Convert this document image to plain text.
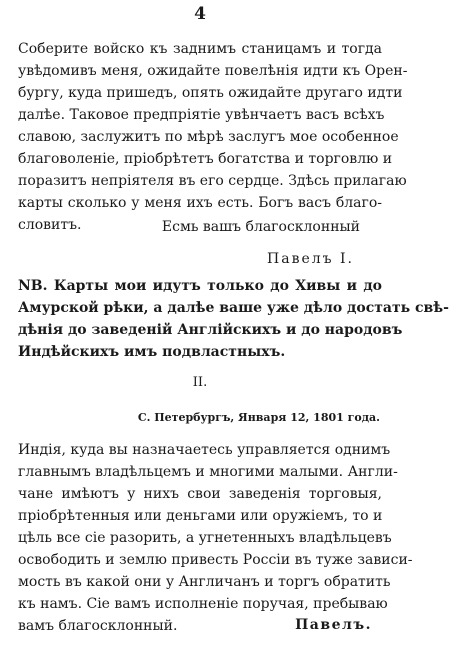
4
Соберите войско къ заднимъ станицамъ и тогда
увѣдомивъ меня, ожидайте повелѣнія идти къ Орен-
бургу, куда пришедъ, опять ожидайте другаго идти
далѣе. Таковое предпріятіе увѣнчаетъ васъ всѣхъ
славою, заслужитъ по мѣрѣ заслугъ мое особенное
благоволеніе, пріобрѣтетъ богатства и торговлю и
поразитъ непріятеля въ его сердце. Здѣсь прилагаю
карты сколько у меня ихъ есть. Богъ васъ благо-
словитъ.	Есмь вашъ благосклонный
Павелъ I.
NB. Карты мои идутъ только до Хивы и до
Амурской рѣки, а далѣе ваше уже дѣло достать свѣ-
дѣнія до заведеній Англійскихъ и до народовъ
Индѣйскихъ имъ подвластныхъ.
II.
С. Петербургъ, Января 12, 1801 года.
Индія, куда вы назначаетесь управляется однимъ
главнымъ владѣльцемъ и многими малыми. Англи-
чане имѣютъ у нихъ свои заведенія торговыя,
пріобрѣтенныя или деньгами или оружіемъ, то и
цѣль все сіе разорить, а угнетенныхъ владѣльцевъ
освободить и землю привесть Россіи въ туже зависи-
мость въ какой они у Англичанъ и торгъ обратить
къ намъ. Сіе вамъ исполненіе поручая, пребываю
вамъ благосклонный.	Павелъ.
